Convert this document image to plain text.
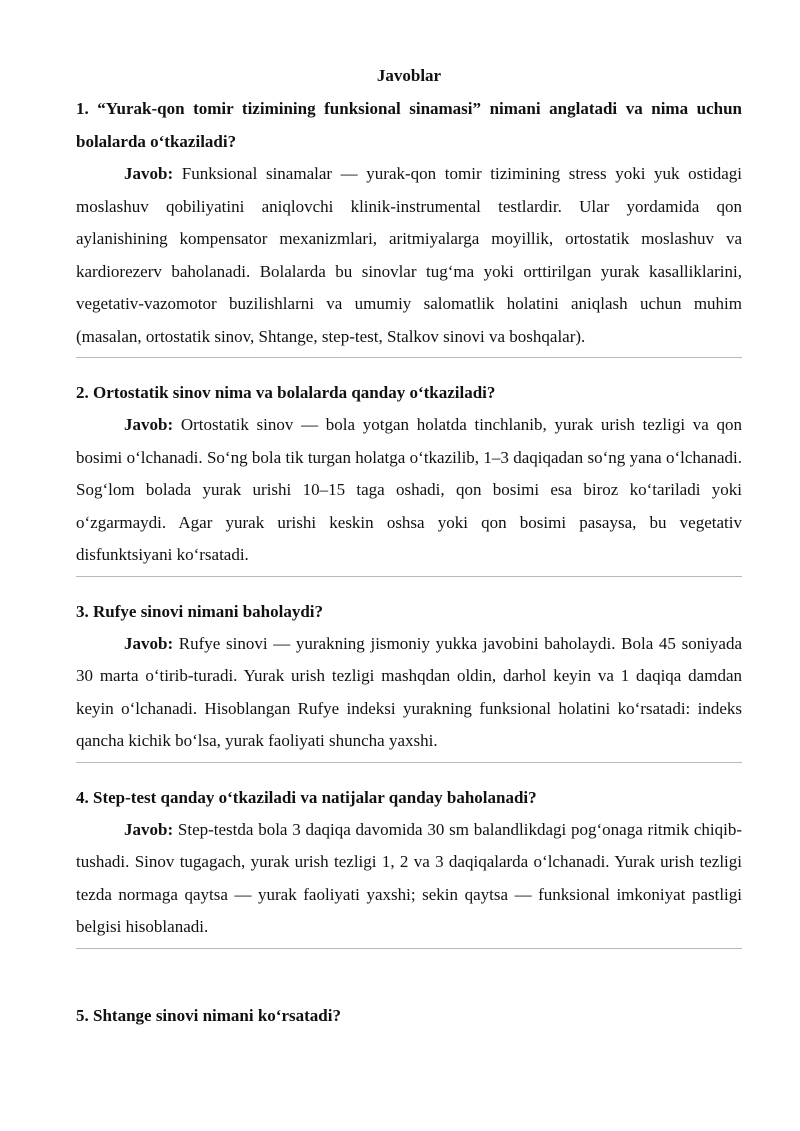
Javoblar

1. “Yurak-qon tomir tizimining funksional sinamasi” nimani anglatadi va nima uchun bolalarda o‘tkaziladi?

Javob: Funksional sinamalar — yurak-qon tomir tizimining stress yoki yuk ostidagi moslashuv qobiliyatini aniqlovchi klinik-instrumental testlardir. Ular yordamida qon aylanishining kompensator mexanizmlari, aritmiyalarga moyillik, ortostatik moslashuv va kardiorezerv baholanadi. Bolalarda bu sinovlar tug‘ma yoki orttirilgan yurak kasalliklarini, vegetativ-vazomotor buzilishlarni va umumiy salomatlik holatini aniqlash uchun muhim (masalan, ortostatik sinov, Shtange, step-test, Stalkov sinovi va boshqalar).

2. Ortostatik sinov nima va bolalarda qanday o‘tkaziladi?

Javob: Ortostatik sinov — bola yotgan holatda tinchlanib, yurak urish tezligi va qon bosimi o‘lchanadi. So‘ng bola tik turgan holatga o‘tkazilib, 1–3 daqiqadan so‘ng yana o‘lchanadi. Sog‘lom bolada yurak urishi 10–15 taga oshadi, qon bosimi esa biroz ko‘tariladi yoki o‘zgarmaydi. Agar yurak urishi keskin oshsa yoki qon bosimi pasaysa, bu vegetativ disfunktsiyani ko‘rsatadi.

3. Rufye sinovi nimani baholaydi?

Javob: Rufye sinovi — yurakning jismoniy yukka javobini baholaydi. Bola 45 soniyada 30 marta o‘tirib-turadi. Yurak urish tezligi mashqdan oldin, darhol keyin va 1 daqiqa damdan keyin o‘lchanadi. Hisoblangan Rufye indeksi yurakning funksional holatini ko‘rsatadi: indeks qancha kichik bo‘lsa, yurak faoliyati shuncha yaxshi.

4. Step-test qanday o‘tkaziladi va natijalar qanday baholanadi?

Javob: Step-testda bola 3 daqiqa davomida 30 sm balandlikdagi pog‘onaga ritmik chiqib-tushadi. Sinov tugagach, yurak urish tezligi 1, 2 va 3 daqiqalarda o‘lchanadi. Yurak urish tezligi tezda normaga qaytsa — yurak faoliyati yaxshi; sekin qaytsa — funksional imkoniyat pastligi belgisi hisoblanadi.

5. Shtange sinovi nimani ko‘rsatadi?
